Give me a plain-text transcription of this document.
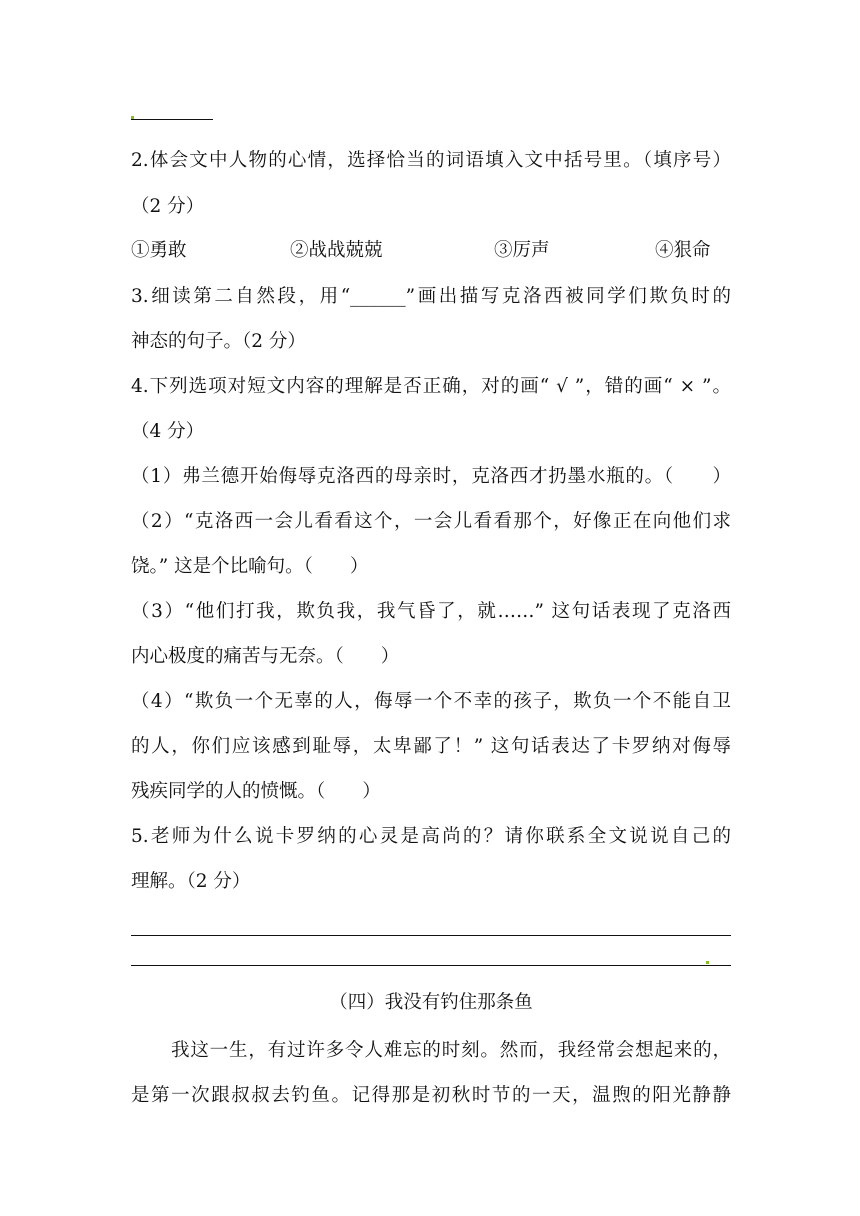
2.体会文中人物的心情，选择恰当的词语填入文中括号里。（填序号）
（2 分）
①勇敢	②战战兢兢	③厉声	④狠命
3.细读第二自然段，用“______”画出描写克洛西被同学们欺负时的
神态的句子。（2 分）
4.下列选项对短文内容的理解是否正确，对的画“ √ ”，错的画“ × ”。
（4 分）
（1）弗兰德开始侮辱克洛西的母亲时，克洛西才扔墨水瓶的。（　　）
（2）“克洛西一会儿看看这个，一会儿看看那个，好像正在向他们求
饶。” 这是个比喻句。（　　）
（3）“他们打我，欺负我，我气昏了，就……” 这句话表现了克洛西
内心极度的痛苦与无奈。（　　）
（4）“欺负一个无辜的人，侮辱一个不幸的孩子，欺负一个不能自卫
的人，你们应该感到耻辱，太卑鄙了！” 这句话表达了卡罗纳对侮辱
残疾同学的人的愤慨。（　　）
5.老师为什么说卡罗纳的心灵是高尚的？请你联系全文说说自己的
理解。（2 分）
（四）我没有钓住那条鱼
我这一生，有过许多令人难忘的时刻。然而，我经常会想起来的，
是第一次跟叔叔去钓鱼。记得那是初秋时节的一天，温煦的阳光静静
